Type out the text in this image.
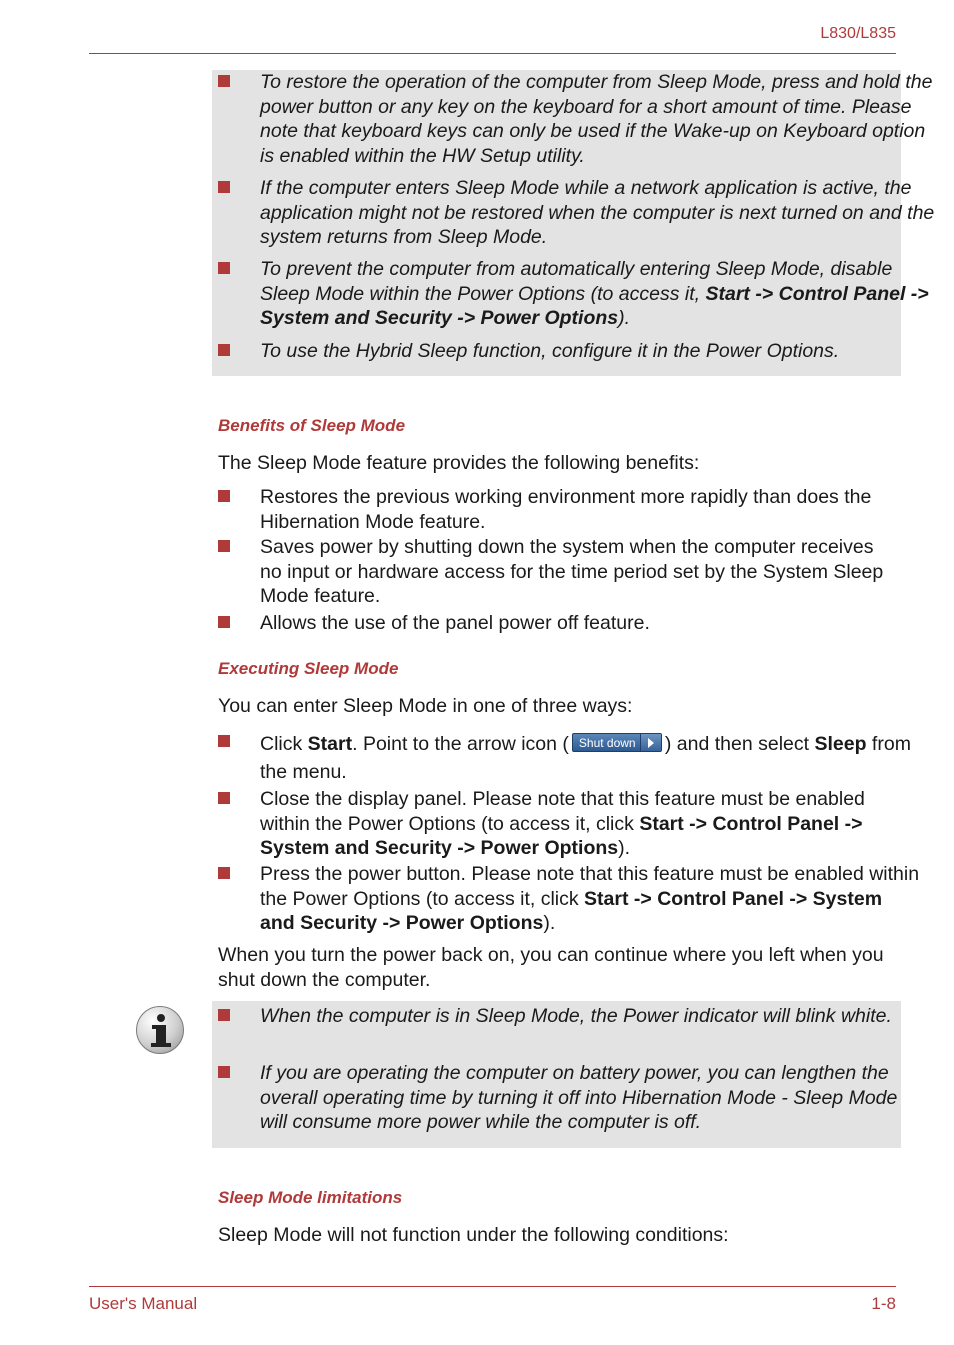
L830/L835
To restore the operation of the computer from Sleep Mode, press and hold the power button or any key on the keyboard for a short amount of time. Please note that keyboard keys can only be used if the Wake-up on Keyboard option is enabled within the HW Setup utility.
If the computer enters Sleep Mode while a network application is active, the application might not be restored when the computer is next turned on and the system returns from Sleep Mode.
To prevent the computer from automatically entering Sleep Mode, disable Sleep Mode within the Power Options (to access it, Start -> Control Panel -> System and Security -> Power Options).
To use the Hybrid Sleep function, configure it in the Power Options.
Benefits of Sleep Mode
The Sleep Mode feature provides the following benefits:
Restores the previous working environment more rapidly than does the Hibernation Mode feature.
Saves power by shutting down the system when the computer receives no input or hardware access for the time period set by the System Sleep Mode feature.
Allows the use of the panel power off feature.
Executing Sleep Mode
You can enter Sleep Mode in one of three ways:
Click Start. Point to the arrow icon ( Shut down ) and then select Sleep from the menu.
Close the display panel. Please note that this feature must be enabled within the Power Options (to access it, click Start -> Control Panel -> System and Security -> Power Options).
Press the power button. Please note that this feature must be enabled within the Power Options (to access it, click Start -> Control Panel -> System and Security -> Power Options).
When you turn the power back on, you can continue where you left when you shut down the computer.
When the computer is in Sleep Mode, the Power indicator will blink white.
If you are operating the computer on battery power, you can lengthen the overall operating time by turning it off into Hibernation Mode - Sleep Mode will consume more power while the computer is off.
Sleep Mode limitations
Sleep Mode will not function under the following conditions:
User's Manual	1-8
